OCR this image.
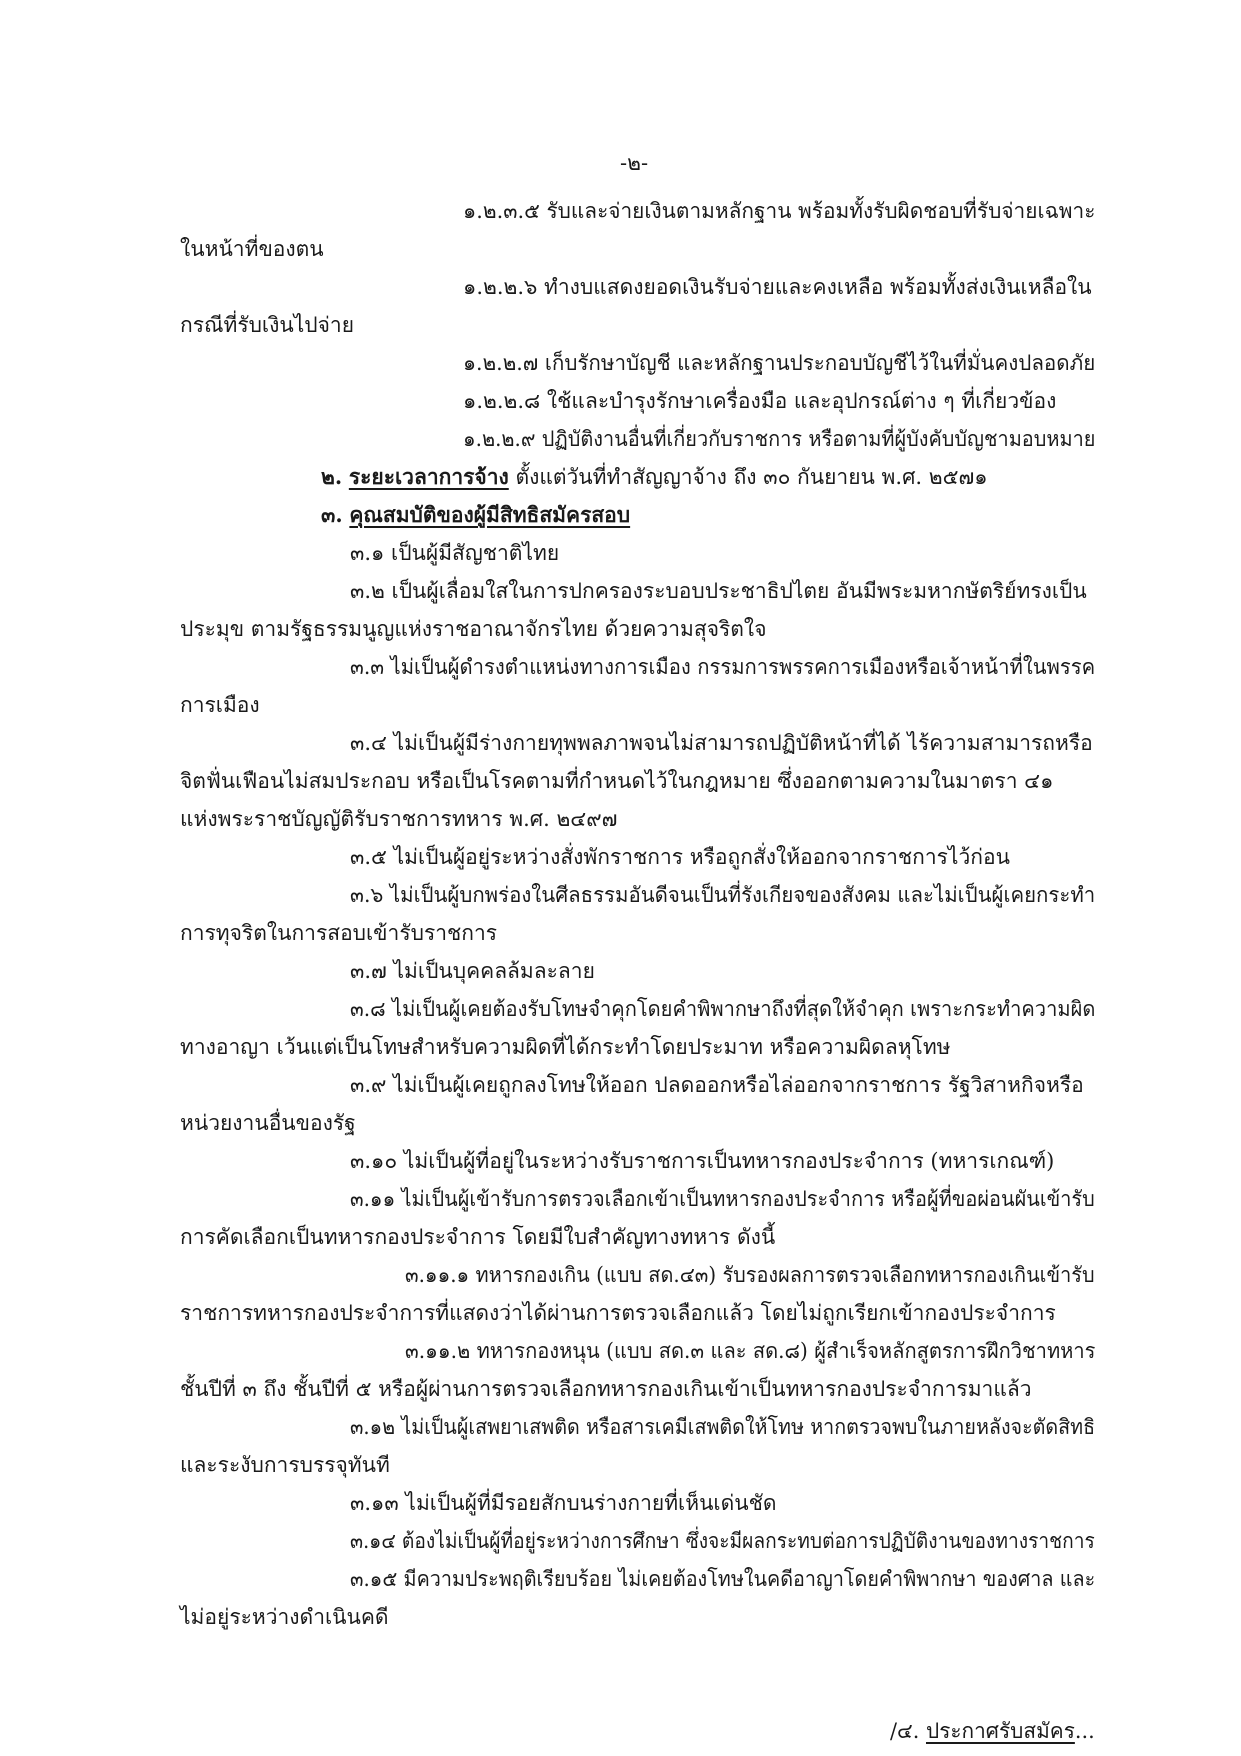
-๒-
๑.๒.๓.๕ รับและจ่ายเงินตามหลักฐาน พร้อมทั้งรับผิดชอบที่รับจ่ายเฉพาะ
ในหน้าที่ของตน
๑.๒.๒.๖ ทำงบแสดงยอดเงินรับจ่ายและคงเหลือ พร้อมทั้งส่งเงินเหลือใน
กรณีที่รับเงินไปจ่าย
๑.๒.๒.๗ เก็บรักษาบัญชี และหลักฐานประกอบบัญชีไว้ในที่มั่นคงปลอดภัย
๑.๒.๒.๘ ใช้และบำรุงรักษาเครื่องมือ และอุปกรณ์ต่าง ๆ ที่เกี่ยวข้อง
๑.๒.๒.๙ ปฏิบัติงานอื่นที่เกี่ยวกับราชการ หรือตามที่ผู้บังคับบัญชามอบหมาย
๒. ระยะเวลาการจ้าง ตั้งแต่วันที่ทำสัญญาจ้าง ถึง ๓๐ กันยายน พ.ศ. ๒๕๗๑
๓. คุณสมบัติของผู้มีสิทธิสมัครสอบ
๓.๑ เป็นผู้มีสัญชาติไทย
๓.๒ เป็นผู้เลื่อมใสในการปกครองระบอบประชาธิปไตย อันมีพระมหากษัตริย์ทรงเป็น
ประมุข ตามรัฐธรรมนูญแห่งราชอาณาจักรไทย ด้วยความสุจริตใจ
๓.๓ ไม่เป็นผู้ดำรงตำแหน่งทางการเมือง กรรมการพรรคการเมืองหรือเจ้าหน้าที่ในพรรค
การเมือง
๓.๔ ไม่เป็นผู้มีร่างกายทุพพลภาพจนไม่สามารถปฏิบัติหน้าที่ได้ ไร้ความสามารถหรือ
จิตฟั่นเฟือนไม่สมประกอบ หรือเป็นโรคตามที่กำหนดไว้ในกฎหมาย ซึ่งออกตามความในมาตรา ๔๑
แห่งพระราชบัญญัติรับราชการทหาร พ.ศ. ๒๔๙๗
๓.๕ ไม่เป็นผู้อยู่ระหว่างสั่งพักราชการ หรือถูกสั่งให้ออกจากราชการไว้ก่อน
๓.๖ ไม่เป็นผู้บกพร่องในศีลธรรมอันดีจนเป็นที่รังเกียจของสังคม และไม่เป็นผู้เคยกระทำ
การทุจริตในการสอบเข้ารับราชการ
๓.๗ ไม่เป็นบุคคลล้มละลาย
๓.๘ ไม่เป็นผู้เคยต้องรับโทษจำคุกโดยคำพิพากษาถึงที่สุดให้จำคุก เพราะกระทำความผิด
ทางอาญา เว้นแต่เป็นโทษสำหรับความผิดที่ได้กระทำโดยประมาท หรือความผิดลหุโทษ
๓.๙ ไม่เป็นผู้เคยถูกลงโทษให้ออก ปลดออกหรือไล่ออกจากราชการ รัฐวิสาหกิจหรือ
หน่วยงานอื่นของรัฐ
๓.๑๐ ไม่เป็นผู้ที่อยู่ในระหว่างรับราชการเป็นทหารกองประจำการ (ทหารเกณฑ์)
๓.๑๑ ไม่เป็นผู้เข้ารับการตรวจเลือกเข้าเป็นทหารกองประจำการ หรือผู้ที่ขอผ่อนผันเข้ารับ
การคัดเลือกเป็นทหารกองประจำการ โดยมีใบสำคัญทางทหาร ดังนี้
๓.๑๑.๑ ทหารกองเกิน (แบบ สด.๔๓) รับรองผลการตรวจเลือกทหารกองเกินเข้ารับ
ราชการทหารกองประจำการที่แสดงว่าได้ผ่านการตรวจเลือกแล้ว โดยไม่ถูกเรียกเข้ากองประจำการ
๓.๑๑.๒ ทหารกองหนุน (แบบ สด.๓ และ สด.๘) ผู้สำเร็จหลักสูตรการฝึกวิชาทหาร
ชั้นปีที่ ๓ ถึง ชั้นปีที่ ๕ หรือผู้ผ่านการตรวจเลือกทหารกองเกินเข้าเป็นทหารกองประจำการมาแล้ว
๓.๑๒ ไม่เป็นผู้เสพยาเสพติด หรือสารเคมีเสพติดให้โทษ หากตรวจพบในภายหลังจะตัดสิทธิ
และระงับการบรรจุทันที
๓.๑๓ ไม่เป็นผู้ที่มีรอยสักบนร่างกายที่เห็นเด่นชัด
๓.๑๔ ต้องไม่เป็นผู้ที่อยู่ระหว่างการศึกษา ซึ่งจะมีผลกระทบต่อการปฏิบัติงานของทางราชการ
๓.๑๕ มีความประพฤติเรียบร้อย ไม่เคยต้องโทษในคดีอาญาโดยคำพิพากษา ของศาล และ
ไม่อยู่ระหว่างดำเนินคดี
/๔. ประกาศรับสมัคร...
